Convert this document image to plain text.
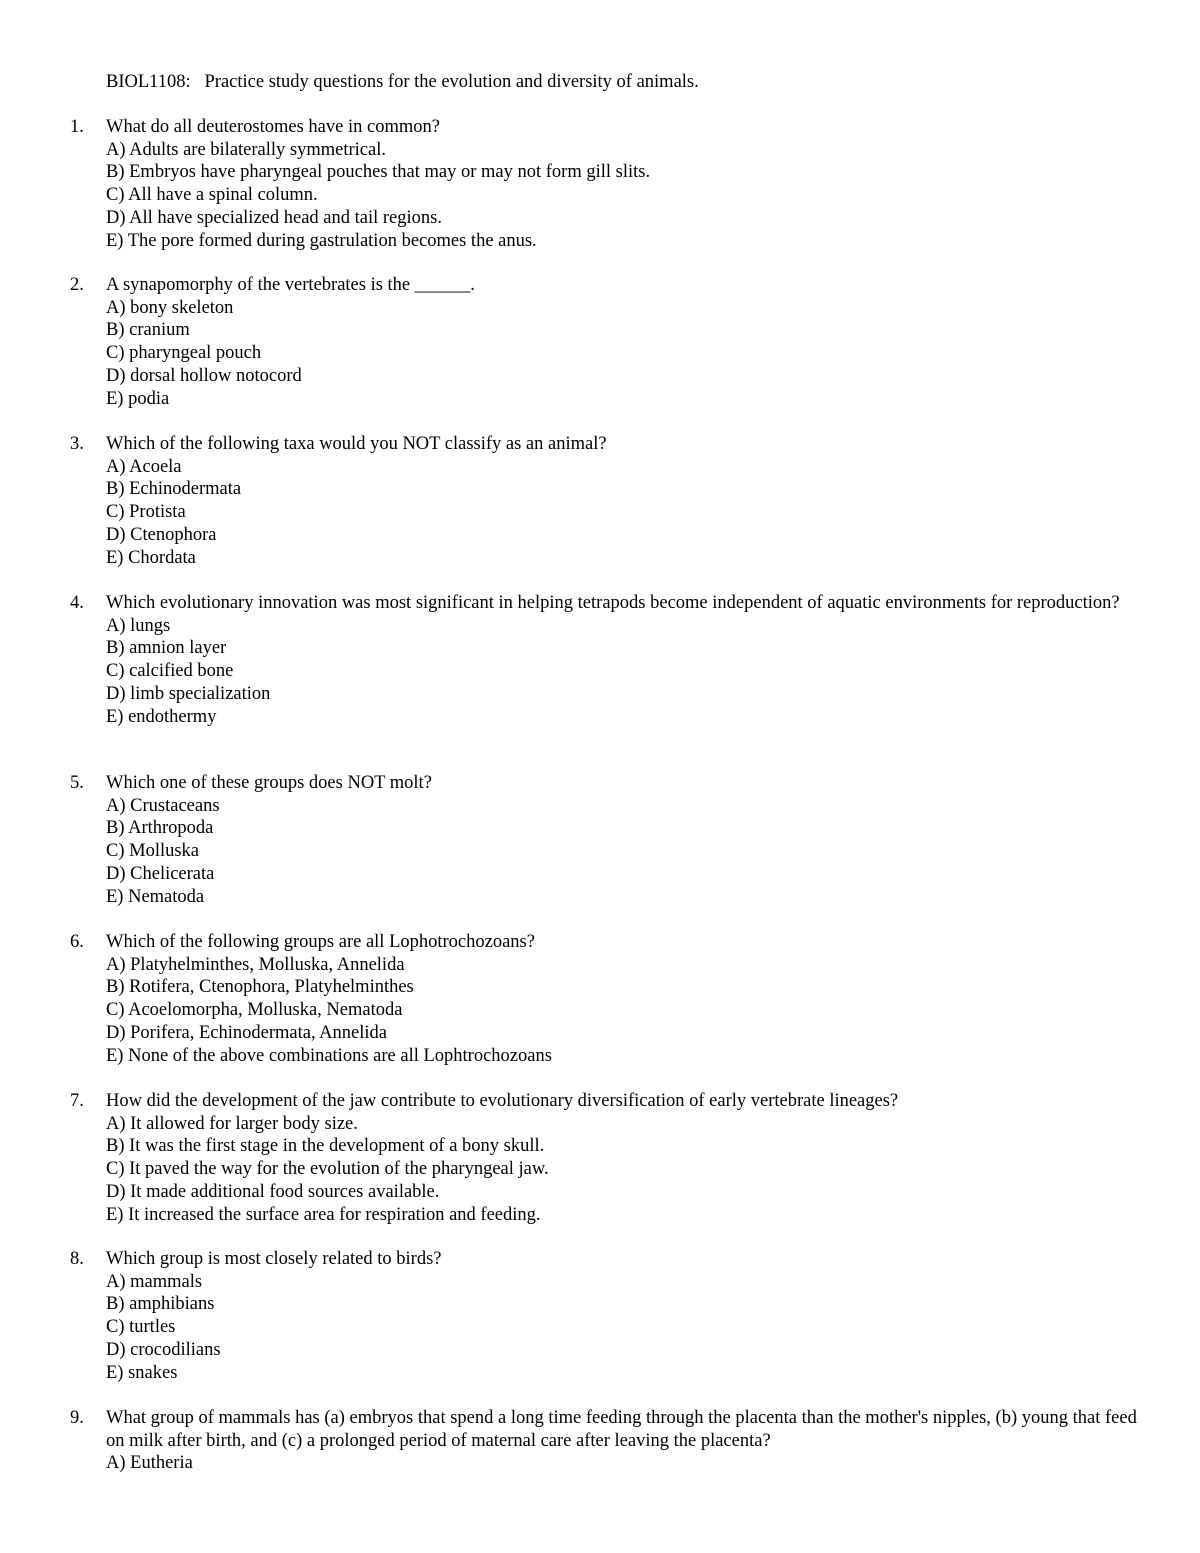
BIOL1108:   Practice study questions for the evolution and diversity of animals.
1. What do all deuterostomes have in common?
A) Adults are bilaterally symmetrical.
B) Embryos have pharyngeal pouches that may or may not form gill slits.
C) All have a spinal column.
D) All have specialized head and tail regions.
E) The pore formed during gastrulation becomes the anus.
2. A synapomorphy of the vertebrates is the ______.
A) bony skeleton
B) cranium
C) pharyngeal pouch
D) dorsal hollow notocord
E) podia
3. Which of the following taxa would you NOT classify as an animal?
A) Acoela
B) Echinodermata
C) Protista
D) Ctenophora
E) Chordata
4. Which evolutionary innovation was most significant in helping tetrapods become independent of aquatic environments for reproduction?
A) lungs
B) amnion layer
C) calcified bone
D) limb specialization
E) endothermy
5. Which one of these groups does NOT molt?
A) Crustaceans
B) Arthropoda
C) Molluska
D) Chelicerata
E) Nematoda
6. Which of the following groups are all Lophotrochozoans?
A) Platyhelminthes, Molluska, Annelida
B) Rotifera, Ctenophora, Platyhelminthes
C) Acoelomorpha, Molluska, Nematoda
D) Porifera, Echinodermata, Annelida
E) None of the above combinations are all Lophtrochozoans
7. How did the development of the jaw contribute to evolutionary diversification of early vertebrate lineages?
A) It allowed for larger body size.
B) It was the first stage in the development of a bony skull.
C) It paved the way for the evolution of the pharyngeal jaw.
D) It made additional food sources available.
E) It increased the surface area for respiration and feeding.
8. Which group is most closely related to birds?
A) mammals
B) amphibians
C) turtles
D) crocodilians
E) snakes
9. What group of mammals has (a) embryos that spend a long time feeding through the placenta than the mother's nipples, (b) young that feed on milk after birth, and (c) a prolonged period of maternal care after leaving the placenta?
A) Eutheria
